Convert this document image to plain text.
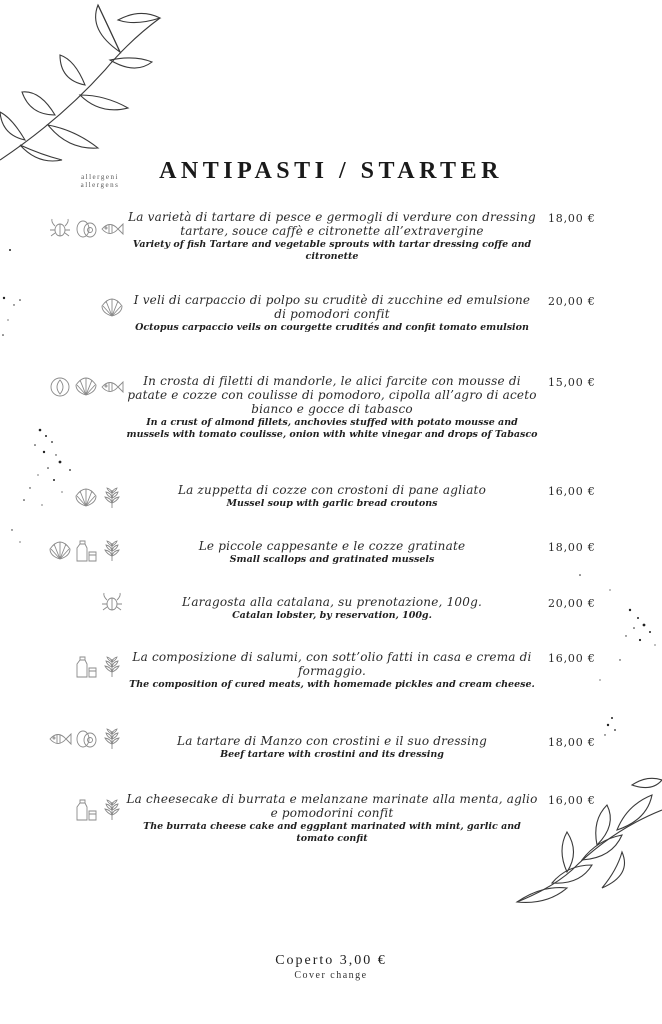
allergeni
allergens
ANTIPASTI / STARTER
La varietà di tartare di pesce e germogli di verdure con dressing tartare, souce caffè e citronette all’extravergine
Variety of fish Tartare and vegetable sprouts with tartar dressing coffe and citronette
18,00 €
I veli di carpaccio di polpo su cruditè di zucchine ed emulsione di pomodori confit
Octopus carpaccio veils on courgette crudités and confit tomato emulsion
20,00 €
In crosta di filetti di mandorle, le alici farcite con mousse di patate e cozze con coulisse di pomodoro, cipolla all’agro di aceto bianco e gocce di tabasco
In a crust of almond fillets, anchovies stuffed with potato mousse and mussels with tomato coulisse, onion with white vinegar and drops of Tabasco
15,00 €
La zuppetta di cozze con crostoni di pane agliato
Mussel soup with garlic bread croutons
16,00 €
Le piccole cappesante e le cozze gratinate
Small scallops and gratinated mussels
18,00 €
L’aragosta alla catalana, su prenotazione, 100g.
Catalan lobster, by reservation, 100g.
20,00 €
La composizione di salumi, con sott’olio fatti in casa e crema di formaggio.
The composition of cured meats, with homemade pickles and cream cheese.
16,00 €
La tartare di Manzo con crostini e il suo dressing
Beef tartare with crostini and its dressing
18,00 €
La cheesecake di burrata e melanzane marinate alla menta, aglio e pomodorini confit
The burrata cheese cake and eggplant marinated with mint, garlic and tomato confit
16,00 €
Coperto 3,00 €
Cover change
